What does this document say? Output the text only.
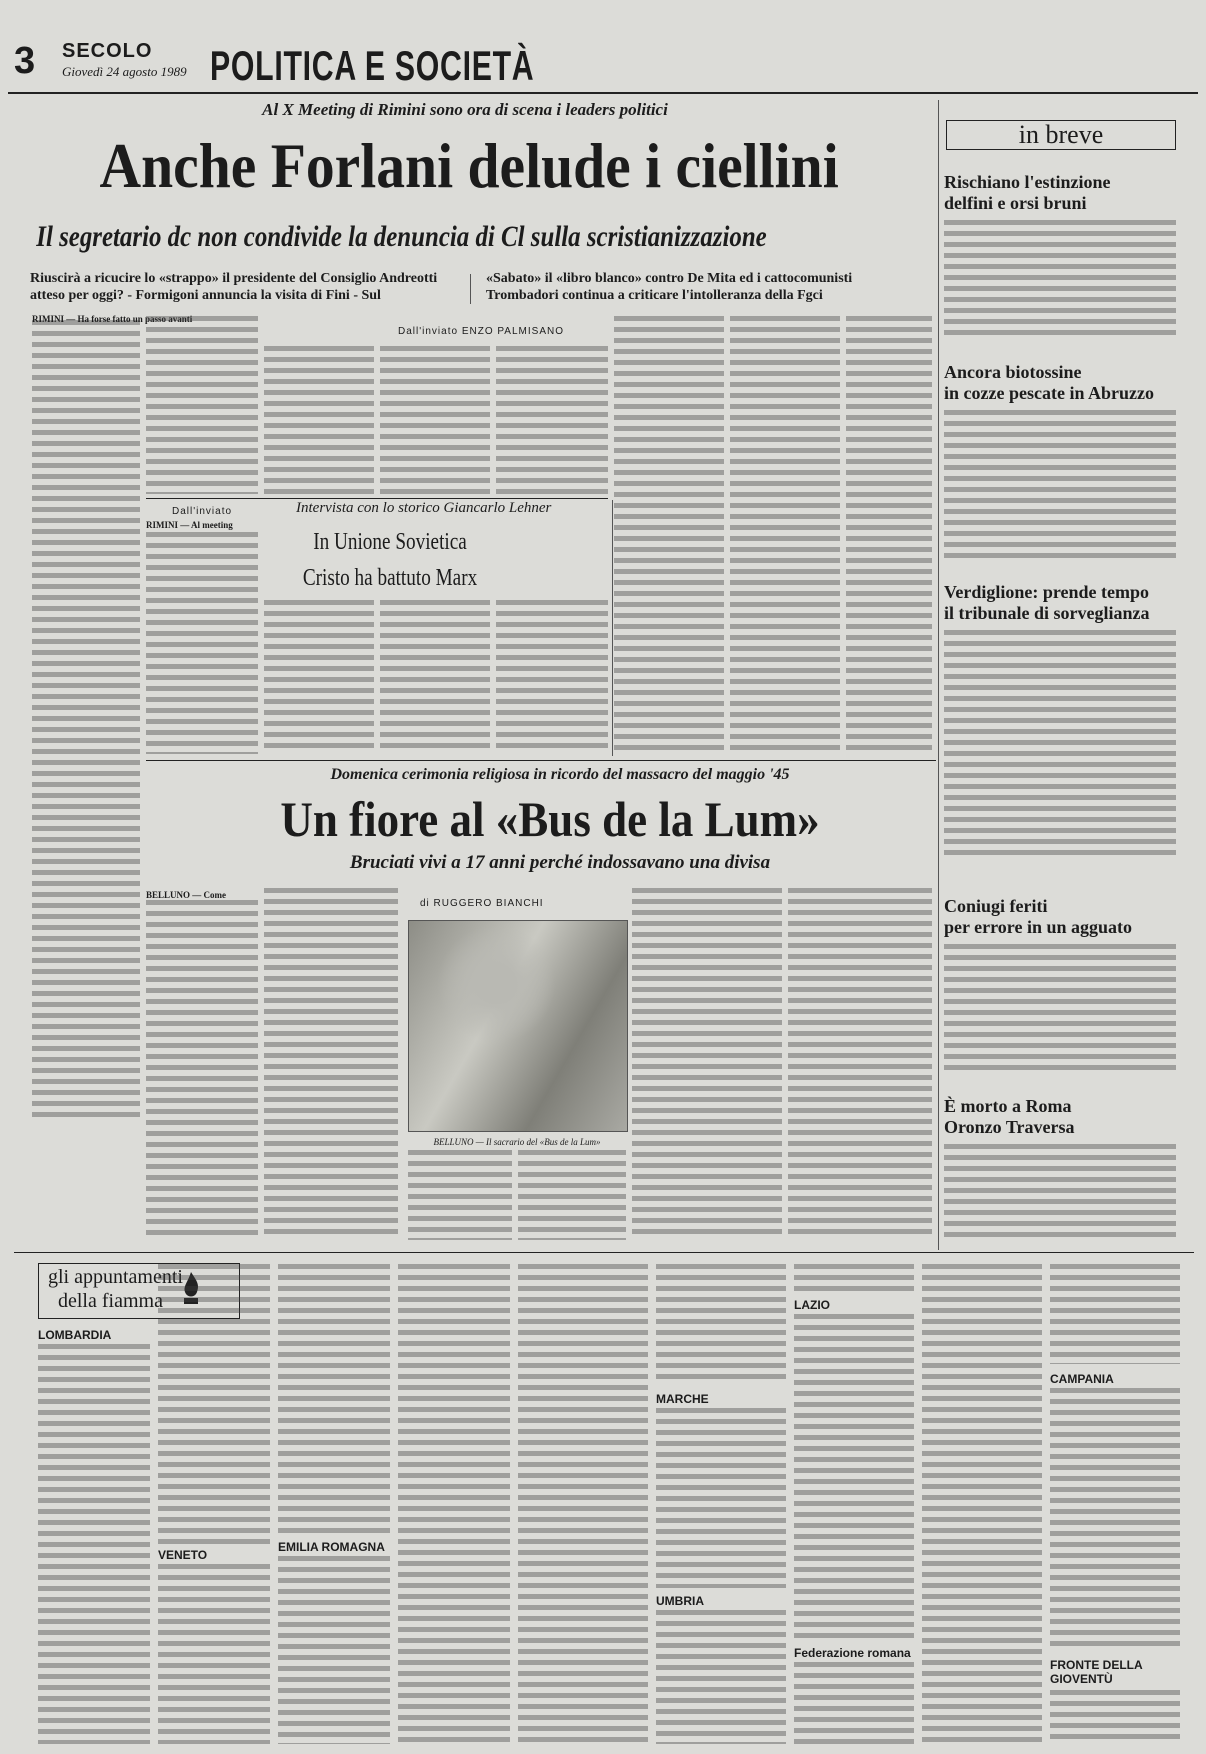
3 SECOLO
Giovedì 24 agosto 1989 POLITICA E SOCIETÀ
Al X Meeting di Rimini sono ora di scena i leaders politici
Anche Forlani delude i ciellini
Il segretario dc non condivide la denuncia di Cl sulla scristianizzazione
Riuscirà a ricucire lo «strappo» il presidente del Consiglio Andreotti atteso per oggi? - Formigoni annuncia la visita di Fini - Sul
«Sabato» il «libro blanco» contro De Mita ed i cattocomunisti Trombadori continua a criticare l'intolleranza della Fgci
RIMINI — Ha forse fatto un passo avanti
Dall'inviato ENZO PALMISANO
Intervista con lo storico Giancarlo Lehner
Dall'inviato
RIMINI — Al meeting
In Unione Sovietica
Cristo ha battuto Marx
Domenica cerimonia religiosa in ricordo del massacro del maggio '45
Un fiore al «Bus de la Lum»
Bruciati vivi a 17 anni perché indossavano una divisa
BELLUNO — Come
di RUGGERO BIANCHI
BELLUNO — Il sacrario del «Bus de la Lum»
in breve
Rischiano l'estinzione
delfini e orsi bruni
Ancora biotossine
in cozze pescate in Abruzzo
Verdiglione: prende tempo
il tribunale di sorveglianza
Coniugi feriti
per errore in un agguato
È morto a Roma
Oronzo Traversa
gli appuntamenti
della fiamma
LOMBARDIA
VENETO
EMILIA ROMAGNA
MARCHE
UMBRIA
LAZIO
Federazione romana
CAMPANIA
FRONTE DELLA GIOVENTÙ
